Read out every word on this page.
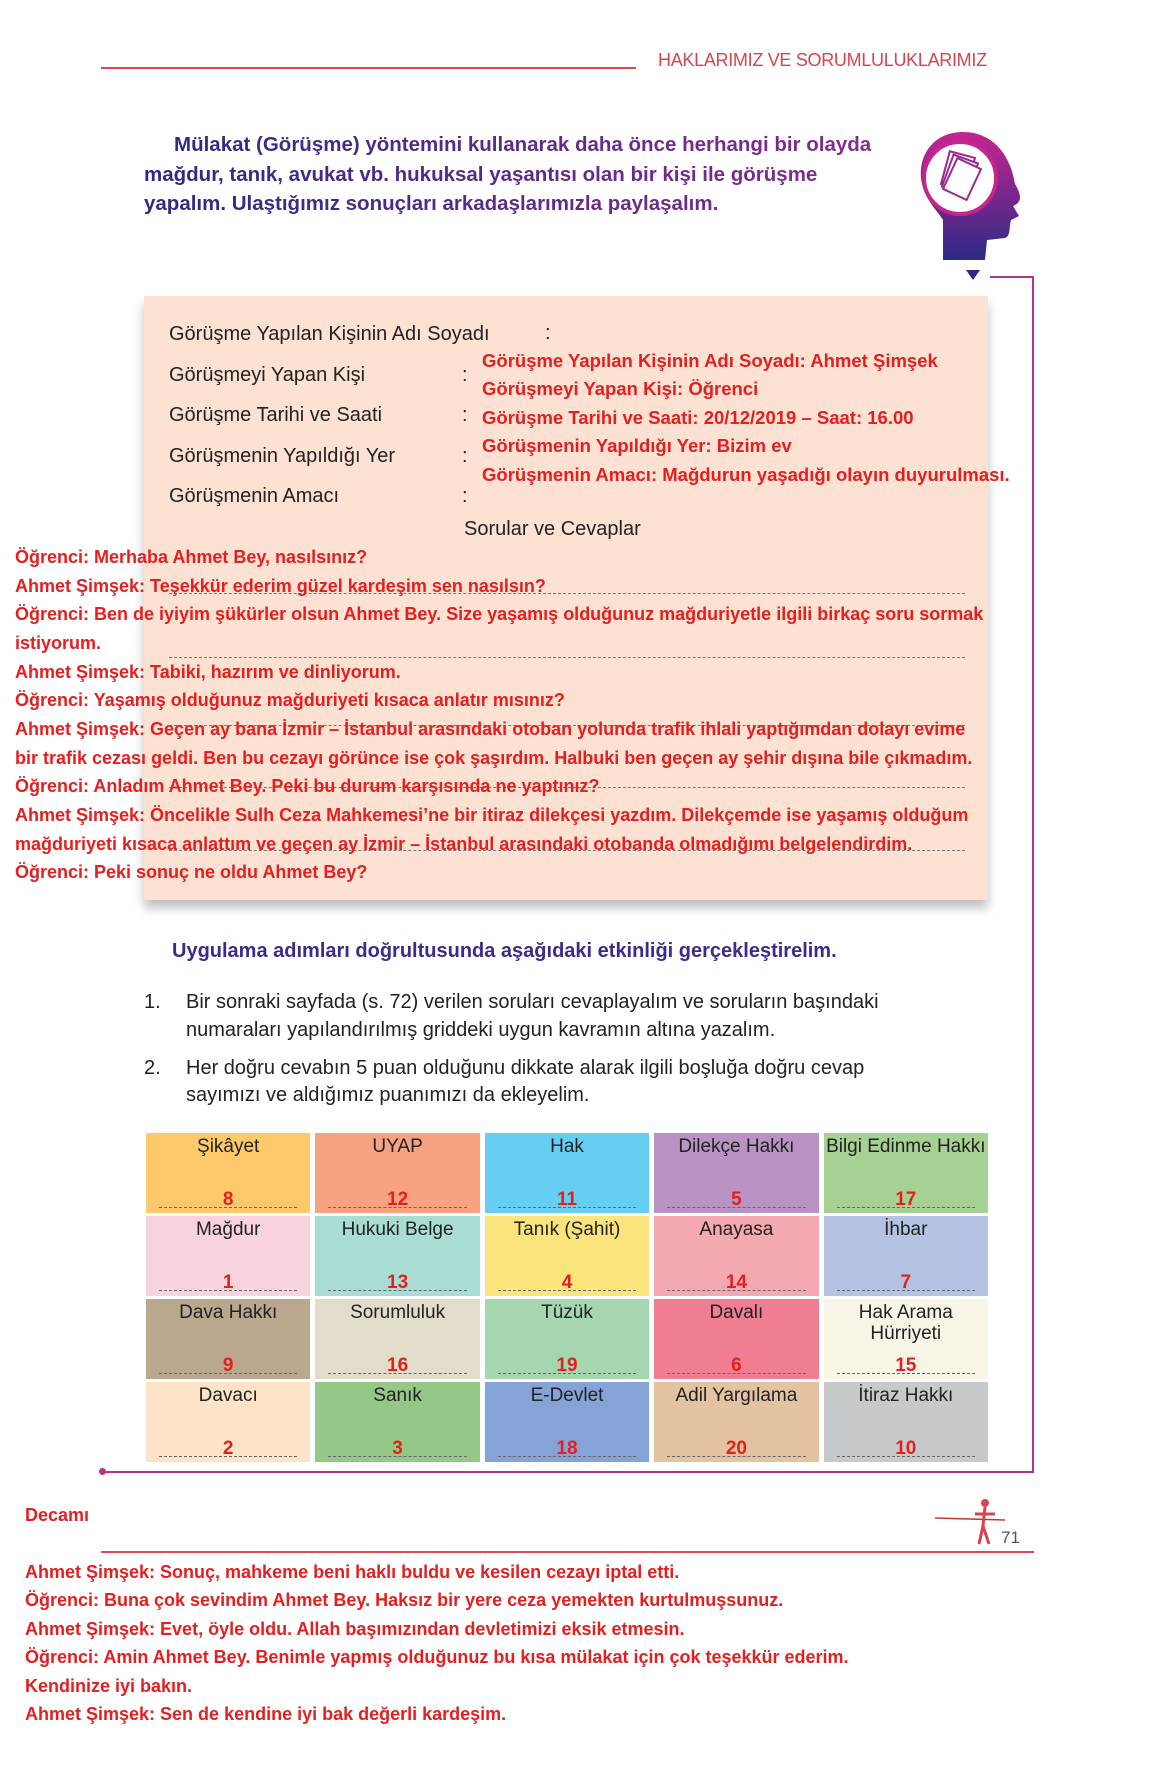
HAKLARIMIZ VE SORUMLULUKLARIMIZ
Mülakat (Görüşme) yöntemini kullanarak daha önce herhangi bir olayda mağdur, tanık, avukat vb. hukuksal yaşantısı olan bir kişi ile görüşme yapalım. Ulaştığımız sonuçları arkadaşlarımızla paylaşalım.
Görüşme Yapılan Kişinin Adı Soyadı	:
Görüşmeyi Yapan Kişi	:
Görüşme Tarihi ve Saati	:
Görüşmenin Yapıldığı Yer	:
Görüşmenin Amacı	:
Görüşme Yapılan Kişinin Adı Soyadı: Ahmet Şimşek
Görüşmeyi Yapan Kişi: Öğrenci
Görüşme Tarihi ve Saati: 20/12/2019 – Saat: 16.00
Görüşmenin Yapıldığı Yer: Bizim ev
Görüşmenin Amacı: Mağdurun yaşadığı olayın duyurulması.
Sorular ve Cevaplar
Öğrenci: Merhaba Ahmet Bey, nasılsınız?
Ahmet Şimşek: Teşekkür ederim güzel kardeşim sen nasılsın?
Öğrenci: Ben de iyiyim şükürler olsun Ahmet Bey. Size yaşamış olduğunuz mağduriyetle ilgili birkaç soru sormak
istiyorum.
Ahmet Şimşek: Tabiki, hazırım ve dinliyorum.
Öğrenci: Yaşamış olduğunuz mağduriyeti kısaca anlatır mısınız?
Ahmet Şimşek: Geçen ay bana İzmir – İstanbul arasındaki otoban yolunda trafik ihlali yaptığımdan dolayı evime
bir trafik cezası geldi. Ben bu cezayı görünce ise çok şaşırdım. Halbuki ben geçen ay şehir dışına bile çıkmadım.
Öğrenci: Anladım Ahmet Bey. Peki bu durum karşısında ne yaptınız?
Ahmet Şimşek: Öncelikle Sulh Ceza Mahkemesi’ne bir itiraz dilekçesi yazdım. Dilekçemde ise yaşamış olduğum
mağduriyeti kısaca anlattım ve geçen ay İzmir – İstanbul arasındaki otobanda olmadığımı belgelendirdim.
Öğrenci: Peki sonuç ne oldu Ahmet Bey?
Uygulama adımları doğrultusunda aşağıdaki etkinliği gerçekleştirelim.
1. Bir sonraki sayfada (s. 72) verilen soruları cevaplayalım ve soruların başındaki
numaraları yapılandırılmış griddeki uygun kavramın altına yazalım.
2. Her doğru cevabın 5 puan olduğunu dikkate alarak ilgili boşluğa doğru cevap
sayımızı ve aldığımız puanımızı da ekleyelim.
Şikâyet
8
UYAP
12
Hak
11
Dilekçe Hakkı
5
Bilgi Edinme Hakkı
17
Mağdur
1
Hukuki Belge
13
Tanık (Şahit)
4
Anayasa
14
İhbar
7
Dava Hakkı
9
Sorumluluk
16
Tüzük
19
Davalı
6
Hak Arama Hürriyeti
15
Davacı
2
Sanık
3
E-Devlet
18
Adil Yargılama
20
İtiraz Hakkı
10
Decamı
71
Ahmet Şimşek: Sonuç, mahkeme beni haklı buldu ve kesilen cezayı iptal etti.
Öğrenci: Buna çok sevindim Ahmet Bey. Haksız bir yere ceza yemekten kurtulmuşsunuz.
Ahmet Şimşek: Evet, öyle oldu. Allah başımızından devletimizi eksik etmesin.
Öğrenci: Amin Ahmet Bey. Benimle yapmış olduğunuz bu kısa mülakat için çok teşekkür ederim.
Kendinize iyi bakın.
Ahmet Şimşek: Sen de kendine iyi bak değerli kardeşim.
